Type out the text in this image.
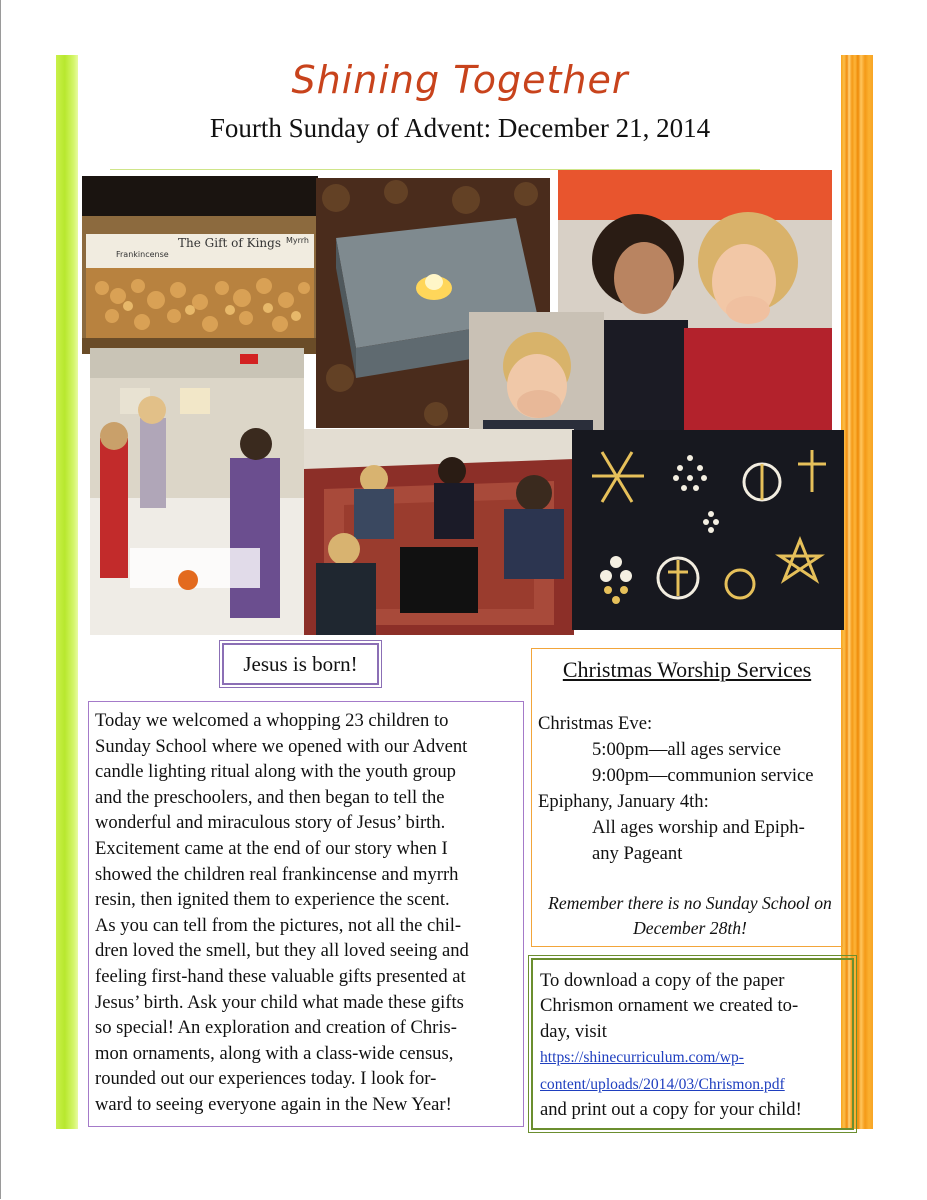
Shining Together
Fourth Sunday of Advent: December 21, 2014
The Gift of Kings
Frankincense
Myrrh
Jesus is born!
Today we welcomed a whopping 23 children to
Sunday School where we opened with our Advent
candle lighting ritual along with the youth group
and the preschoolers, and then began to tell the
wonderful and miraculous story of Jesus’ birth.
Excitement came at the end of our story when I
showed the children real frankincense and myrrh
resin, then ignited them to experience the scent.
As you can tell from the pictures, not all the chil-
dren loved the smell, but they all loved seeing and
feeling first-hand these valuable gifts presented at
Jesus’ birth. Ask your child what made these gifts
so special! An exploration and creation of Chris-
mon ornaments, along with a class-wide census,
rounded out our experiences today. I look for-
ward to seeing everyone again in the New Year!
Christmas Worship Services
Christmas Eve:
5:00pm—all ages service
9:00pm—communion service
Epiphany, January 4th:
All ages worship and Epiph-
any Pageant
Remember there is no Sunday School on
December 28th!
To download a copy of the paper
Chrismon ornament we created to-
day, visit
https://shinecurriculum.com/wp-
content/uploads/2014/03/Chrismon.pdf
and print out a copy for your child!
